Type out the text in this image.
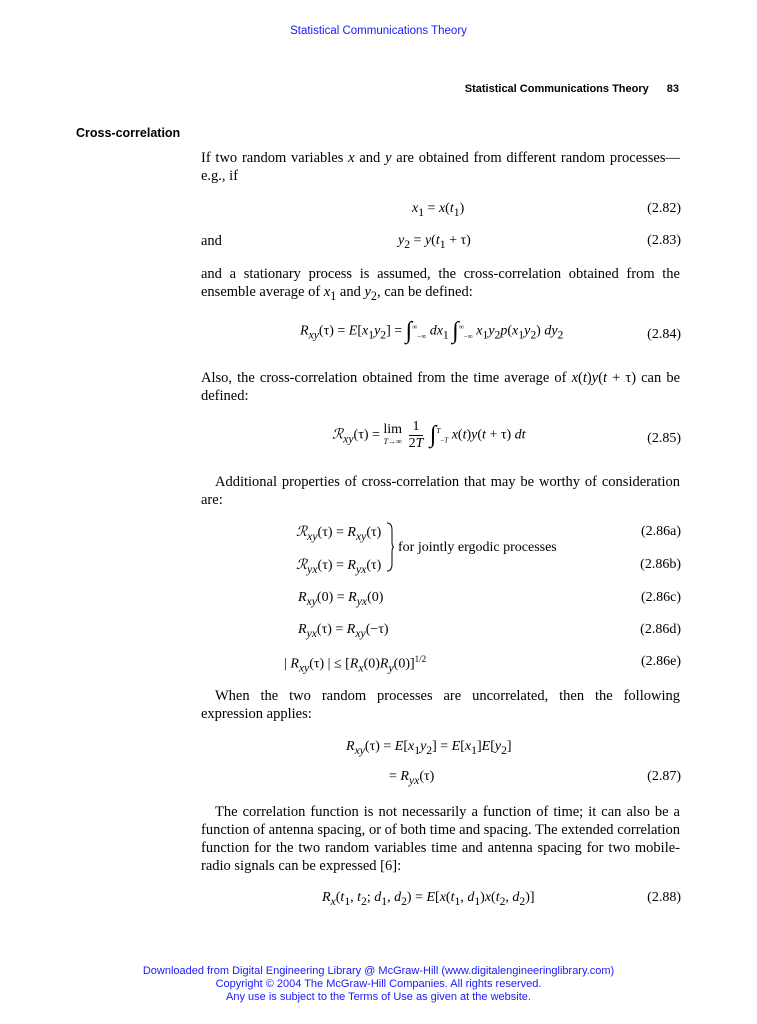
Statistical Communications Theory
Statistical Communications Theory 83
Cross-correlation
If two random variables x and y are obtained from different random processes—e.g., if
$x_1 = x(t_1)$	(2.82)
and	$y_2 = y(t_1 + \tau)$	(2.83)
and a stationary process is assumed, the cross-correlation obtained from the ensemble average of $x_1$ and $y_2$, can be defined:
$R_{xy}(\tau) = E[x_1y_2] = \int^\infty_{-\infty}$ $dx_1$ $\int^\infty_{-\infty}$ $x_1y_2p(x_1y_2)$ $dy_2$	(2.84)
Also, the cross-correlation obtained from the time average of x(t)y(t + τ) can be defined:
ℛ$_{xy}$(τ) = lim
T→∞
$\frac{1}{2T} \int^T_{-T}$ x(t)y(t + τ) dt	(2.85)
Additional properties of cross-correlation that may be worthy of consideration are:
ℛ$_{xy}$(τ) = $R_{xy}(\tau)$	(2.86a)
for jointly ergodic processes
ℛ$_{yx}$(τ) = $R_{yx}(\tau)$	(2.86b)
$R_{xy}(0) = R_{yx}(0)$	(2.86c)
$R_{yx}(\tau) = R_{xy}(-\tau)$	(2.86d)
| $R_{xy}(\tau)$ | ≤ $[R_x(0)R_y(0)]^{1/2}$	(2.86e)
When the two random processes are uncorrelated, then the following expression applies:
$R_{xy}(\tau) = E[x_1y_2] = E[x_1]E[y_2]$
= $R_{yx}(\tau)$	(2.87)
The correlation function is not necessarily a function of time; it can also be a function of antenna spacing, or of both time and spacing. The extended correlation function for the two random variables time and antenna spacing for two mobile-radio signals can be expressed [6]:
$R_x(t_1$, $t_2$; $d_1$, $d_2) = E[x(t_1$, $d_1)x(t_2$, $d_2$)]	(2.88)
Downloaded from Digital Engineering Library @ McGraw-Hill (www.digitalengineeringlibrary.com)
Copyright © 2004 The McGraw-Hill Companies. All rights reserved.
Any use is subject to the Terms of Use as given at the website.
